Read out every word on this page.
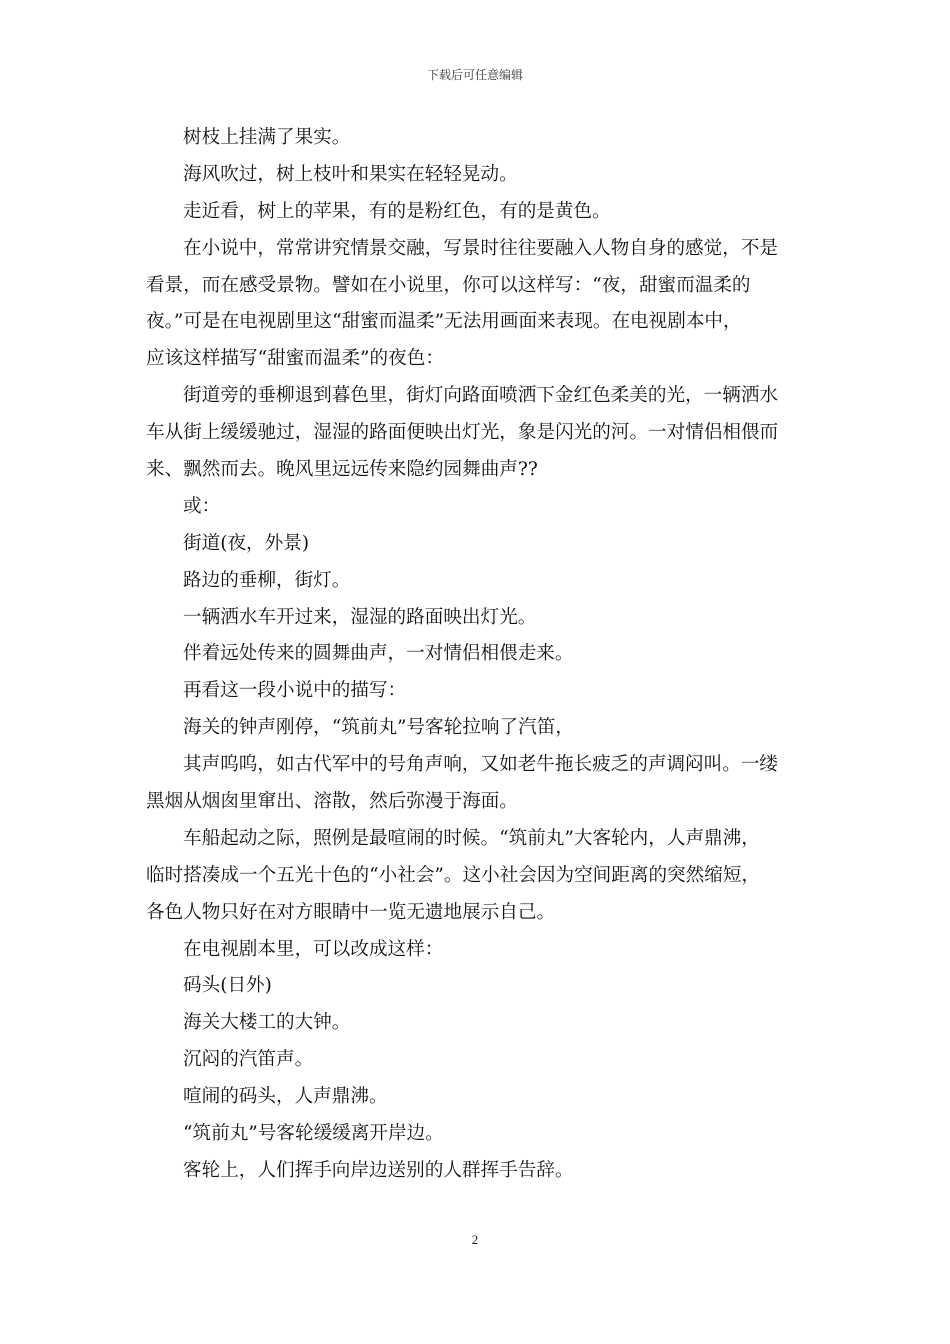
下载后可任意编辑
树枝上挂满了果实。
海风吹过，树上枝叶和果实在轻轻晃动。
走近看，树上的苹果，有的是粉红色，有的是黄色。
在小说中，常常讲究情景交融，写景时往往要融入人物自身的感觉，不是
看景，而在感受景物。譬如在小说里，你可以这样写：“夜，甜蜜而温柔的
夜。”可是在电视剧里这“甜蜜而温柔”无法用画面来表现。在电视剧本中，
应该这样描写“甜蜜而温柔”的夜色：
街道旁的垂柳退到暮色里，街灯向路面喷洒下金红色柔美的光，一辆洒水
车从街上缓缓驰过，湿湿的路面便映出灯光，象是闪光的河。一对情侣相偎而
来、飘然而去。晚风里远远传来隐约园舞曲声??
或：
街道(夜，外景)
路边的垂柳，街灯。
一辆洒水车开过来，湿湿的路面映出灯光。
伴着远处传来的圆舞曲声，一对情侣相偎走来。
再看这一段小说中的描写：
海关的钟声刚停，“筑前丸”号客轮拉响了汽笛，
其声呜呜，如古代军中的号角声响，又如老牛拖长疲乏的声调闷叫。一缕
黑烟从烟囱里窜出、溶散，然后弥漫于海面。
车船起动之际，照例是最喧闹的时候。“筑前丸”大客轮内，人声鼎沸，
临时搭凑成一个五光十色的“小社会”。这小社会因为空间距离的突然缩短，
各色人物只好在对方眼睛中一览无遗地展示自己。
在电视剧本里，可以改成这样：
码头(日外)
海关大楼工的大钟。
沉闷的汽笛声。
喧闹的码头，人声鼎沸。
“筑前丸”号客轮缓缓离开岸边。
客轮上，人们挥手向岸边送别的人群挥手告辞。
2
